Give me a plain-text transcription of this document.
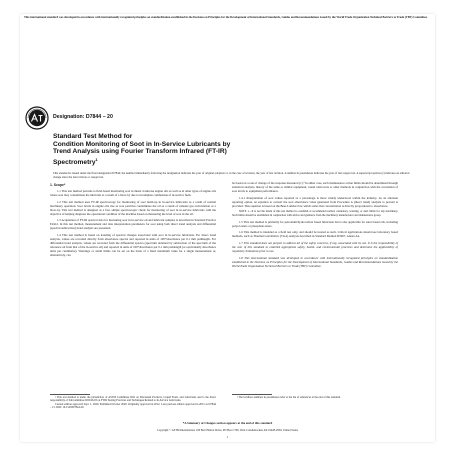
This international standard was developed in accordance with internationally recognized principles on standardization established in the Decision on Principles for the Development of International Standards, Guides and Recommendations issued by the World Trade Organization Technical Barriers to Trade (TBT) Committee.
Designation: D7844 − 20
Standard Test Method for
Condition Monitoring of Soot in In-Service Lubricants by
Trend Analysis using Fourier Transform Infrared (FT-IR)
Spectrometry$^1$
This standard is issued under the fixed designation D7844; the number immediately following the designation indicates the year of original adoption or, in the case of revision, the year of last revision. A number in parentheses indicates the year of last reapproval. A superscript epsilon (ε) indicates an editorial change since the last revision or reapproval.
1. Scope*

1.1 This test method pertains to field-based monitoring soot in diesel crankcase engine oils as well as in other types of engine oils where soot may contaminate the lubricant as a result of a blow-by due to incomplete combustion of in-service fuels.

1.2 This test method uses FT-IR spectroscopy for monitoring of soot build-up in in-service lubricants as a result of normal machinery operation. Soot levels in engine oils rise as soot particles contaminate the oil as a result of exhaust gas recirculation or a blow-by. This test method is designed as a fast, simple spectroscopic check for monitoring of soot in in-service lubricants with the objective of helping diagnose the operational condition of the machine based on measuring the level of soot in the oil.

1.3 Acquisition of FT-IR spectral data for measuring soot in in-service oil and lubricant samples is described in Standard Practice E2412. In this test method, measurement and data interpretation parameters for soot using both direct trend analysis and differential (spectral subtraction) trend analysis are presented.

1.4 This test method is based on trending of spectral changes associated with soot in in-service lubricants. For direct trend analysis, values are recorded directly from absorbance spectra and reported in units of 100*absorbance per 0.1 mm pathlength. For differential trend analysis, values are recorded from the differential spectra (spectrum obtained by subtraction of the spectrum of the reference oil from that of the in-service oil) and reported in units of 100*absorbance per 0.1 mm pathlength (or equivalently absorbance units per centimetre). Warnings or alarm limits can be set on the basis of a fixed maximum value for a single measurement or, alternatively, can

¹ This test method is under the jurisdiction of ASTM Committee D02 on Petroleum Products, Liquid Fuels, and Lubricants and is the direct responsibility of Subcommittee D02.96.03 on FTIR Testing Practices and Techniques Related to In-Service Lubricants.
Current edition approved Sept. 1, 2020. Published October 2020. Originally approved in 2012. Last previous edition approved in 2015 as D7844 – 15. DOI: 10.1520/D7844-20.

be based on a rate of change of the response measured (1).² In either case, such maintenance action limits should be determined through statistical analysis, history of the same or similar equipment, round robin tests or other methods in conjunction with the correlation of soot levels to equipment performance.

1.4.1 Interpretation of soot values reported as a percentage is more widely understood within the industry. As an alternate reporting option, an equation to convert the soot absorbance value generated from Procedure A (direct trend) analysis to percent is provided. This equation is based on the Beer-Lambert law which states that concentration is directly proportional to absorbance.

NOTE 1—It is not the intent of this test method to establish or recommend normal, cautionary, warning, or alert limits for any machinery. Such limits should be established in conjunction with advice and guidance from the machinery manufacturer and maintenance group.

1.5 This test method is primarily for petroleum/hydrocarbon based lubricants but is also applicable for ester based oils, including polyol esters or phosphate esters.

1.6 This method is intended as a field test only, and should be treated as such. Critical applications should use laboratory based methods, such as Thermal Gravimetric (TGA) analysis described in Standard Method D5967, Annex A4.

1.7 This standard does not purport to address all of the safety concerns, if any, associated with its use. It is the responsibility of the user of this standard to establish appropriate safety, health, and environmental practices and determine the applicability of regulatory limitations prior to use.

1.8 This international standard was developed in accordance with internationally recognized principles on standardization established in the Decision on Principles for the Development of International Standards, Guides and Recommendations issued by the World Trade Organization Technical Barriers to Trade (TBT) Committee.

² The boldface numbers in parentheses refer to the list of references at the end of this standard.
*A Summary of Changes section appears at the end of this standard
Copyright © ASTM International, 100 Barr Harbor Drive, PO Box C700, West Conshohocken, PA 19428-2959. United States
1
